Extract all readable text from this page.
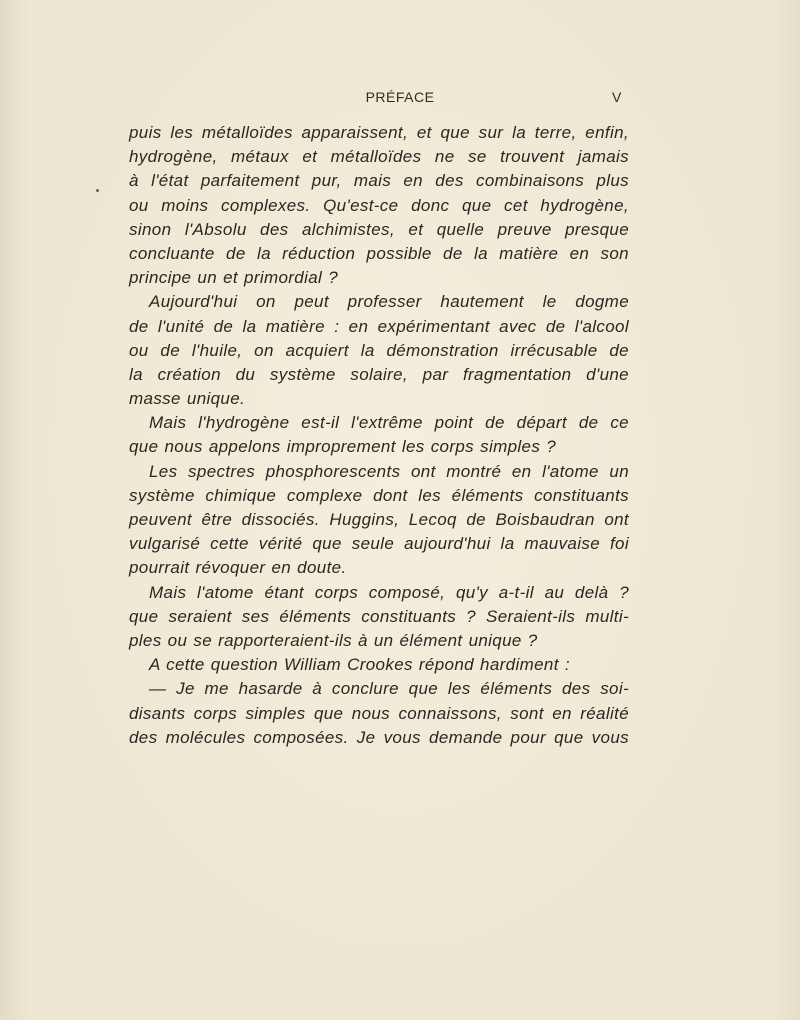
PRÉFACE	V
puis les métalloïdes apparaissent, et que sur la terre, enfin,
hydrogène, métaux et métalloïdes ne se trouvent jamais
à l'état parfaitement pur, mais en des combinaisons plus
ou moins complexes. Qu'est-ce donc que cet hydrogène,
sinon l'Absolu des alchimistes, et quelle preuve presque
concluante de la réduction possible de la matière en son
principe un et primordial ?
Aujourd'hui on peut professer hautement le dogme
de l'unité de la matière : en expérimentant avec de l'alcool
ou de l'huile, on acquiert la démonstration irrécusable de
la création du système solaire, par fragmentation d'une
masse unique.
Mais l'hydrogène est-il l'extrême point de départ de ce
que nous appelons improprement les corps simples ?
Les spectres phosphorescents ont montré en l'atome un
système chimique complexe dont les éléments constituants
peuvent être dissociés. Huggins, Lecoq de Boisbaudran ont
vulgarisé cette vérité que seule aujourd'hui la mauvaise foi
pourrait révoquer en doute.
Mais l'atome étant corps composé, qu'y a-t-il au delà ?
que seraient ses éléments constituants ? Seraient-ils multi-
ples ou se rapporteraient-ils à un élément unique ?
A cette question William Crookes répond hardiment :
— Je me hasarde à conclure que les éléments des soi-
disants corps simples que nous connaissons, sont en réalité
des molécules composées. Je vous demande pour que vous
